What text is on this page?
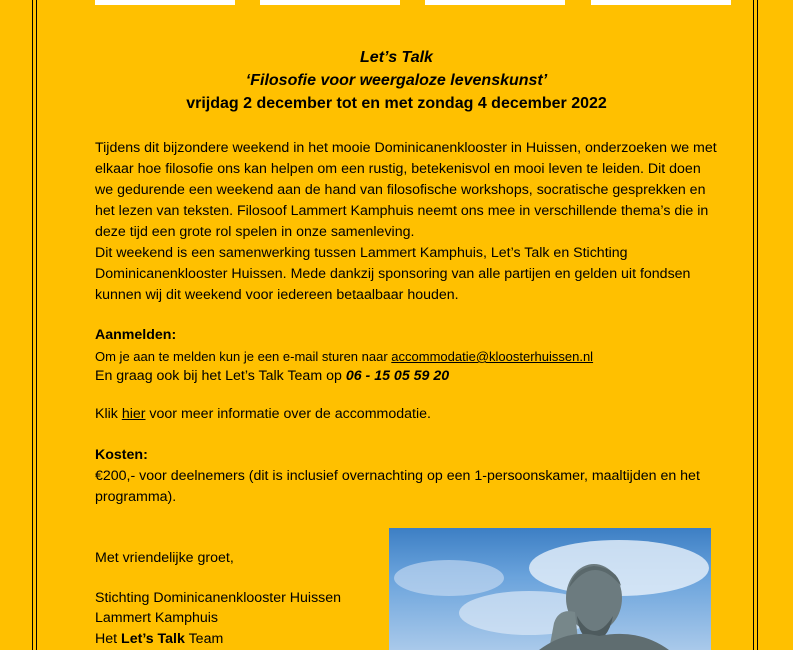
Let’s Talk
‘Filosofie voor weergaloze levenskunst’
vrijdag 2 december tot en met zondag 4 december 2022

Tijdens dit bijzondere weekend in het mooie Dominicanenklooster in Huissen, onderzoeken we met elkaar hoe filosofie ons kan helpen om een rustig, betekenisvol en mooi leven te leiden. Dit doen we gedurende een weekend aan de hand van filosofische workshops, socratische gesprekken en het lezen van teksten. Filosoof Lammert Kamphuis neemt ons mee in verschillende thema’s die in deze tijd een grote rol spelen in onze samenleving.

Dit weekend is een samenwerking tussen Lammert Kamphuis, Let’s Talk en Stichting Dominicanenklooster Huissen. Mede dankzij sponsoring van alle partijen en gelden uit fondsen kunnen wij dit weekend voor iedereen betaalbaar houden.

Aanmelden:
Om je aan te melden kun je een e-mail sturen naar accommodatie@kloosterhuissen.nl
En graag ook bij het Let’s Talk Team op 06 - 15 05 59 20
Klik hier voor meer informatie over de accommodatie.
Kosten:
€200,- voor deelnemers (dit is inclusief overnachting op een 1-persoonskamer, maaltijden en het programma).
Met vriendelijke groet,
Stichting Dominicanenklooster Huissen
Lammert Kamphuis
Het Let’s Talk Team
